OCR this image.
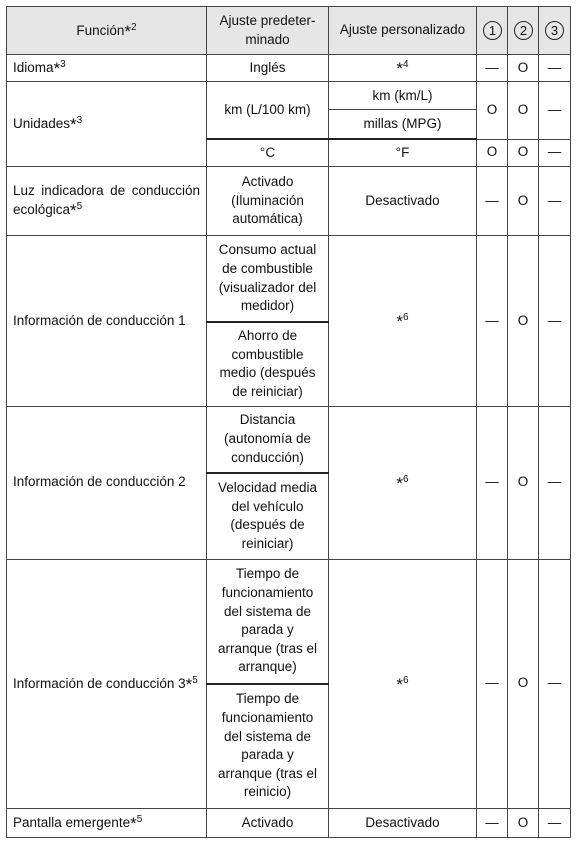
Función*$^2$	Ajuste predeter-minado	Ajuste personalizado	1	2	3
Idioma*$^3$	Inglés	*$^4$	—	O	—
Unidades*$^3$	km (L/100 km)	km (km/L)	O	O	—
		millas (MPG)			
	°C	°F	O	O	—
Luz indicadora de conducción ecológica*$^5$	Activado (Iluminación automática)	Desactivado	—	O	—
Información de conducción 1	Consumo actual de combustible (visualizador del medidor)	*$^6$	—	O	—
	Ahorro de combustible medio (después de reiniciar)				
Información de conducción 2	Distancia (autonomía de conducción)	*$^6$	—	O	—
	Velocidad media del vehículo (después de reiniciar)				
Información de conducción 3*$^5$	Tiempo de funcionamiento del sistema de parada y arranque (tras el arranque)	*$^6$	—	O	—
	Tiempo de funcionamiento del sistema de parada y arranque (tras el reinicio)				
Pantalla emergente*$^5$	Activado	Desactivado	—	O	—
